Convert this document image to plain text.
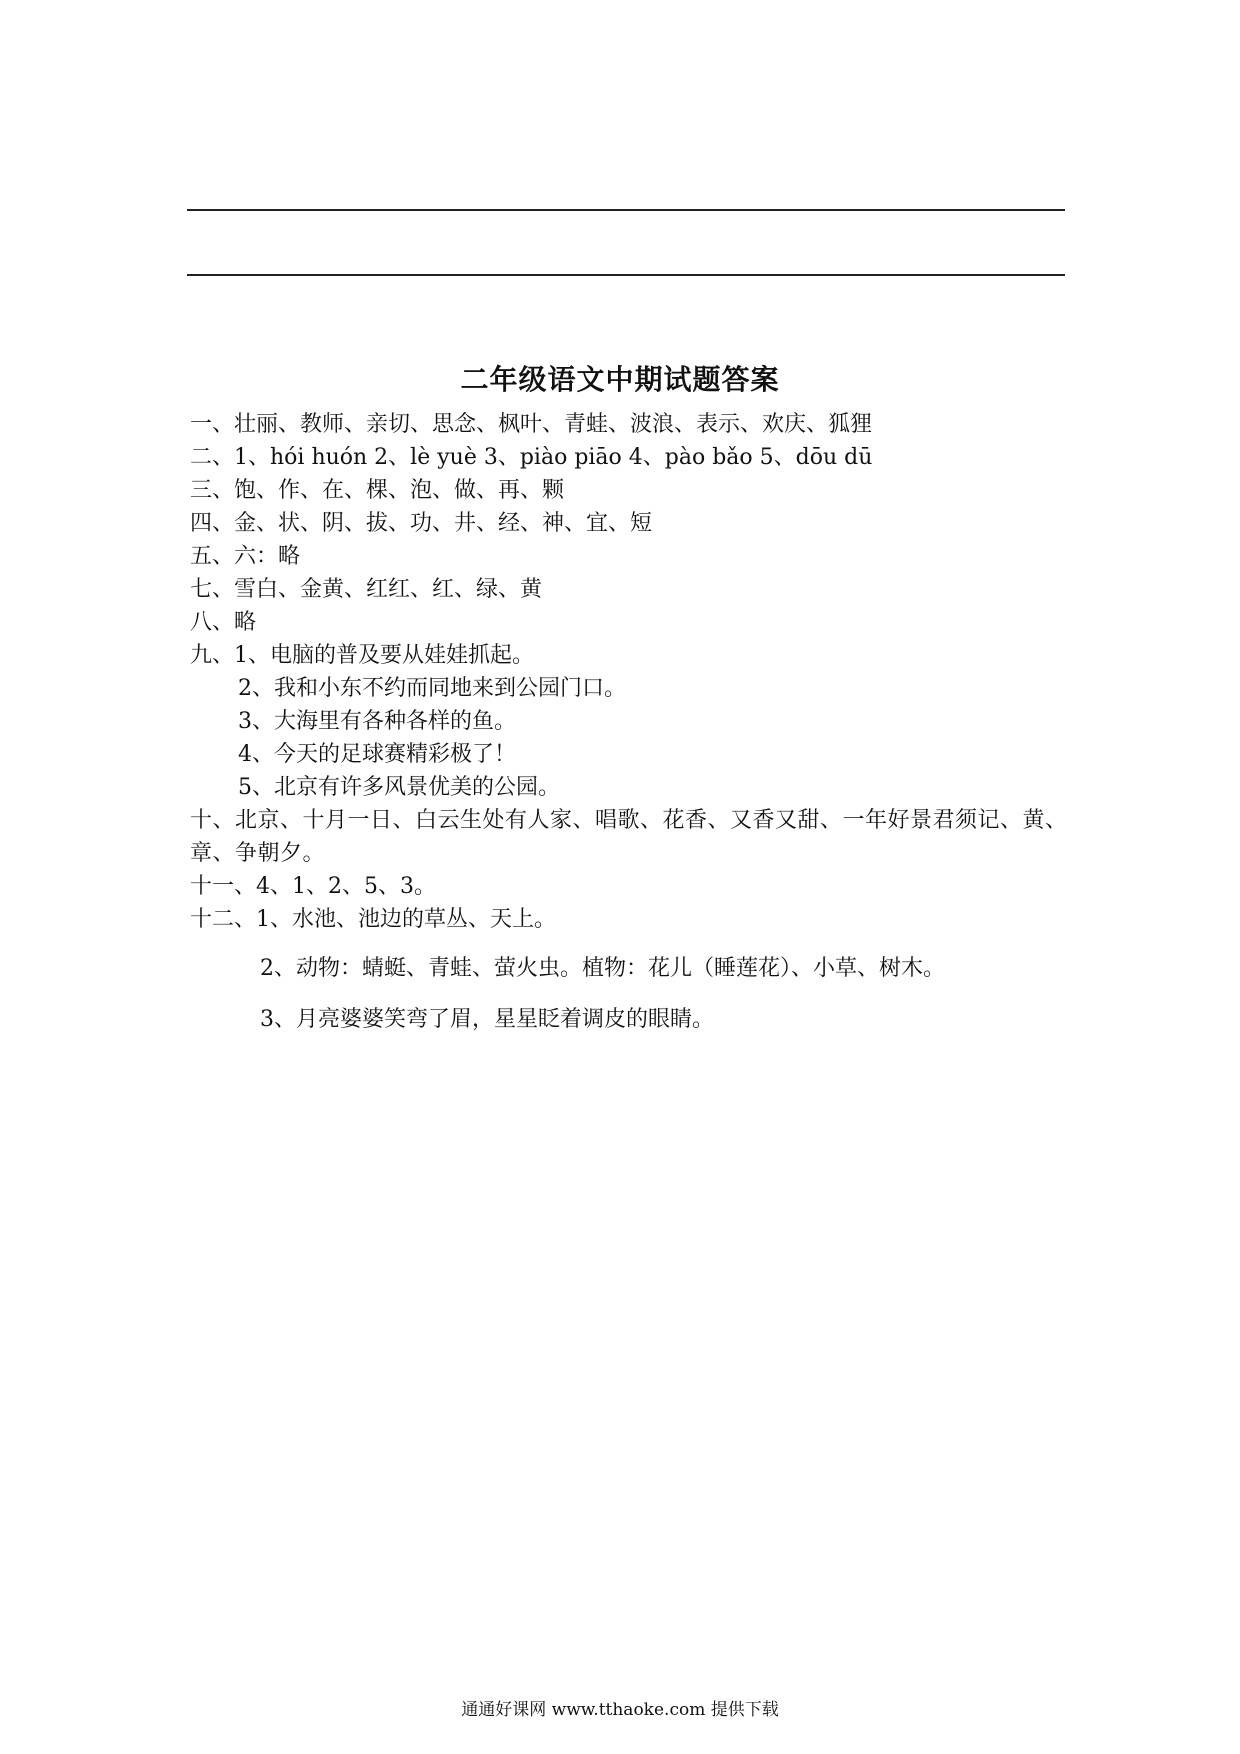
二年级语文中期试题答案
一、壮丽、教师、亲切、思念、枫叶、青蛙、波浪、表示、欢庆、狐狸
二、1、hói huón 2、lè yuè 3、piào piāo 4、pào bǎo 5、dōu dū
三、饱、作、在、棵、泡、做、再、颗
四、金、状、阴、拔、功、井、经、神、宜、短
五、六：略
七、雪白、金黄、红红、红、绿、黄
八、略
九、1、电脑的普及要从娃娃抓起。
2、我和小东不约而同地来到公园门口。
3、大海里有各种各样的鱼。
4、今天的足球赛精彩极了！
5、北京有许多风景优美的公园。
十、北京、十月一日、白云生处有人家、唱歌、花香、又香又甜、一年好景君须记、黄、章、争朝夕。
十一、4、1、2、5、3。
十二、1、水池、池边的草丛、天上。
2、动物：蜻蜓、青蛙、萤火虫。植物：花儿（睡莲花）、小草、树木。
3、月亮婆婆笑弯了眉，星星眨着调皮的眼睛。
通通好课网 www.tthaoke.com 提供下载
